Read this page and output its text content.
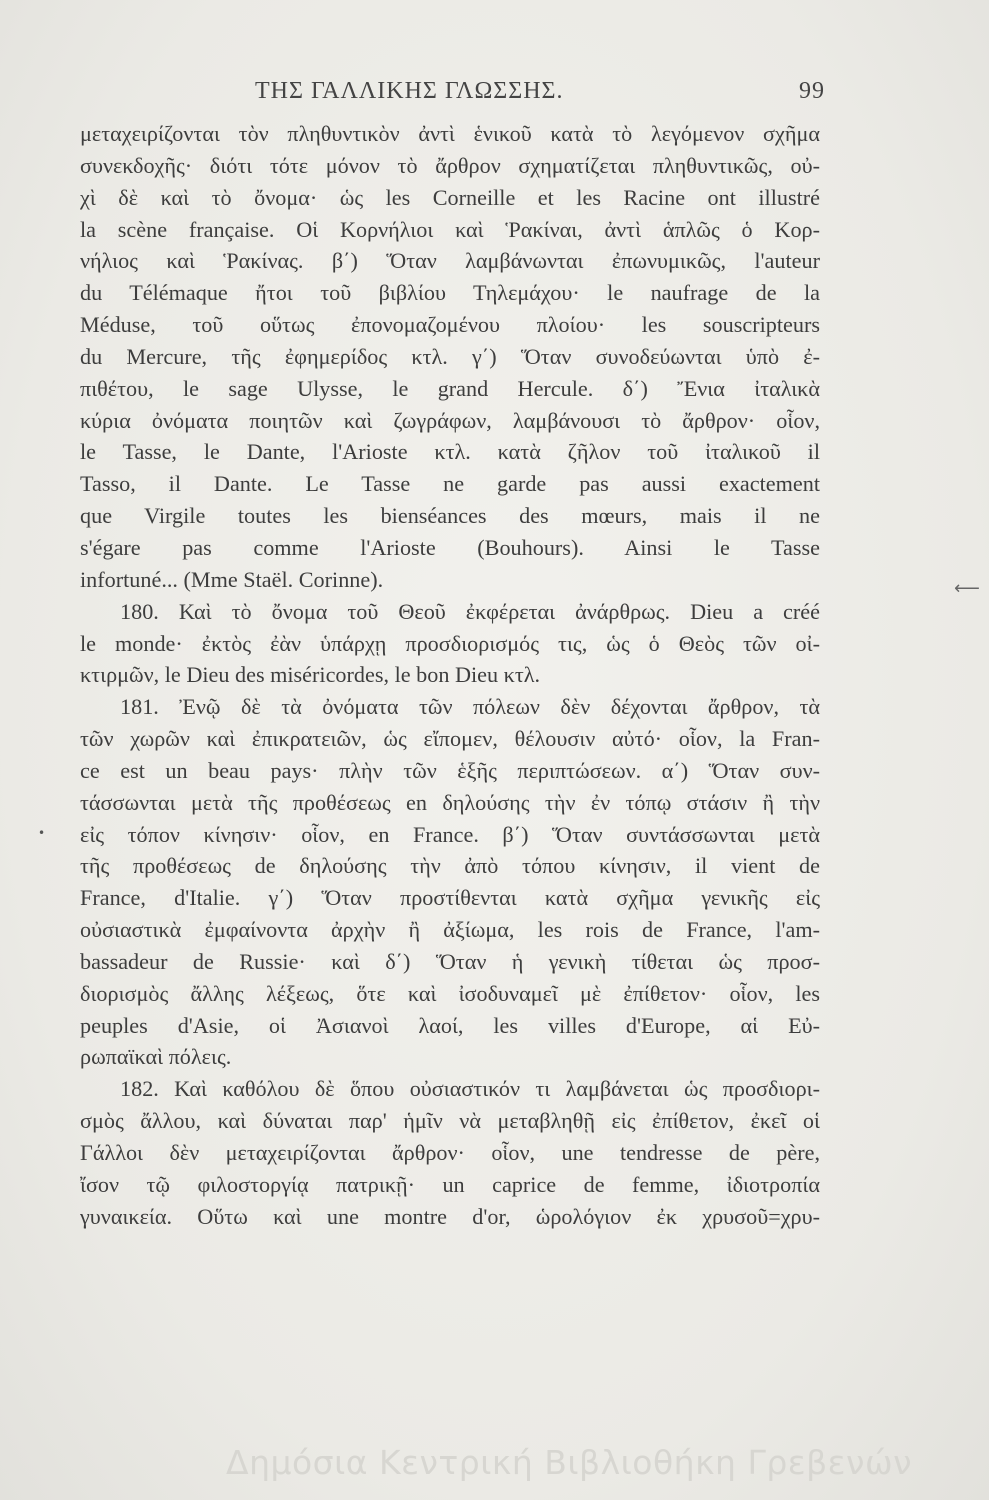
ΤΗΣ ΓΑΛΛΙΚΗΣ ΓΛΩΣΣΗΣ.	99
μεταχειρίζονται τὸν πληθυντικὸν ἀντὶ ἑνικοῦ κατὰ τὸ λεγόμενον σχῆμα
συνεκδοχῆς· διότι τότε μόνον τὸ ἄρθρον σχηματίζεται πληθυντικῶς, οὐ-
χὶ δὲ καὶ τὸ ὄνομα· ὡς les Corneille et les Racine ont illustré
la scène française. Οἱ Κορνήλιοι καὶ Ῥακίναι, ἀντὶ ἁπλῶς ὁ Κορ-
νήλιος καὶ Ῥακίνας. β΄) Ὅταν λαμβάνωνται ἐπωνυμικῶς, l'auteur
du Télémaque ἤτοι τοῦ βιβλίου Τηλεμάχου· le naufrage de la
Méduse, τοῦ οὕτως ἐπονομαζομένου πλοίου· les souscripteurs
du Mercure, τῆς ἐφημερίδος κτλ. γ΄) Ὅταν συνοδεύωνται ὑπὸ ἐ-
πιθέτου, le sage Ulysse, le grand Hercule. δ΄) Ἔνια ἰταλικὰ
κύρια ὀνόματα ποιητῶν καὶ ζωγράφων, λαμβάνουσι τὸ ἄρθρον· οἷον,
le Tasse, le Dante, l'Arioste κτλ. κατὰ ζῆλον τοῦ ἰταλικοῦ il
Tasso, il Dante. Le Tasse ne garde pas aussi exactement
que Virgile toutes les bienséances des mœurs, mais il ne
s'égare pas comme l'Arioste (Bouhours). Ainsi le Tasse
infortuné... (Mme Staël. Corinne).
180. Καὶ τὸ ὄνομα τοῦ Θεοῦ ἐκφέρεται ἀνάρθρως. Dieu a créé
le monde· ἐκτὸς ἐὰν ὑπάρχῃ προσδιορισμός τις, ὡς ὁ Θεὸς τῶν οἰ-
κτιρμῶν, le Dieu des miséricordes, le bon Dieu κτλ.
181. Ἐνῷ δὲ τὰ ὀνόματα τῶν πόλεων δὲν δέχονται ἄρθρον, τὰ
τῶν χωρῶν καὶ ἐπικρατειῶν, ὡς εἴπομεν, θέλουσιν αὐτό· οἷον, la Fran-
ce est un beau pays· πλὴν τῶν ἑξῆς περιπτώσεων. α΄) Ὅταν συν-
τάσσωνται μετὰ τῆς προθέσεως en δηλούσης τὴν ἐν τόπῳ στάσιν ἢ τὴν
εἰς τόπον κίνησιν· οἷον, en France. β΄) Ὅταν συντάσσωνται μετὰ
τῆς προθέσεως de δηλούσης τὴν ἀπὸ τόπου κίνησιν, il vient de
France, d'Italie. γ΄) Ὅταν προστίθενται κατὰ σχῆμα γενικῆς εἰς
οὐσιαστικὰ ἐμφαίνοντα ἀρχὴν ἢ ἀξίωμα, les rois de France, l'am-
bassadeur de Russie· καὶ δ΄) Ὅταν ἡ γενικὴ τίθεται ὡς προσ-
διορισμὸς ἄλλης λέξεως, ὅτε καὶ ἰσοδυναμεῖ μὲ ἐπίθετον· οἷον, les
peuples d'Asie, οἱ Ἀσιανοὶ λαοί, les villes d'Europe, αἱ Εὐ-
ρωπαϊκαὶ πόλεις.
182. Καὶ καθόλου δὲ ὅπου οὐσιαστικόν τι λαμβάνεται ὡς προσδιορι-
σμὸς ἄλλου, καὶ δύναται παρ' ἡμῖν νὰ μεταβληθῇ εἰς ἐπίθετον, ἐκεῖ οἱ
Γάλλοι δὲν μεταχειρίζονται ἄρθρον· οἷον, une tendresse de père,
ἴσον τῷ φιλοστοργίᾳ πατρικῇ· un caprice de femme, ἰδιοτροπία
γυναικεία. Οὕτω καὶ une montre d'or, ὡρολόγιον ἐκ χρυσοῦ=χρυ-
⟵
•
Δημόσια Κεντρική Βιβλιοθήκη Γρεβενών
